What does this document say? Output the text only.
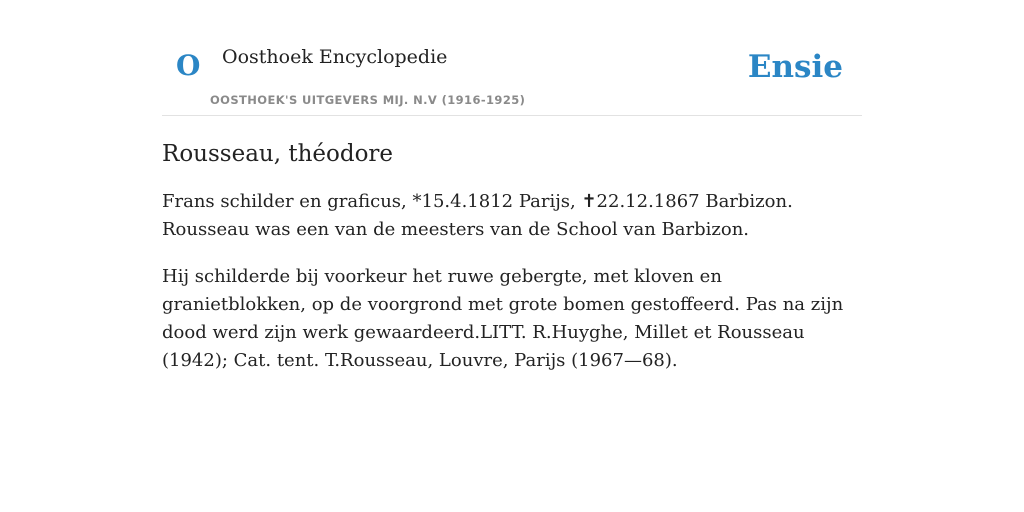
O Oosthoek Encyclopedie
OOSTHOEK'S UITGEVERS MIJ. N.V (1916-1925)
Ensie
Rousseau, théodore

Frans schilder en graficus, *15.4.1812 Parijs, ✝22.12.1867 Barbizon. Rousseau was een van de meesters van de School van Barbizon.

Hij schilderde bij voorkeur het ruwe gebergte, met kloven en granietblokken, op de voorgrond met grote bomen gestoffeerd. Pas na zijn dood werd zijn werk gewaardeerd.LITT. R.Huyghe, Millet et Rousseau (1942); Cat. tent. T.Rousseau, Louvre, Parijs (1967—68).
